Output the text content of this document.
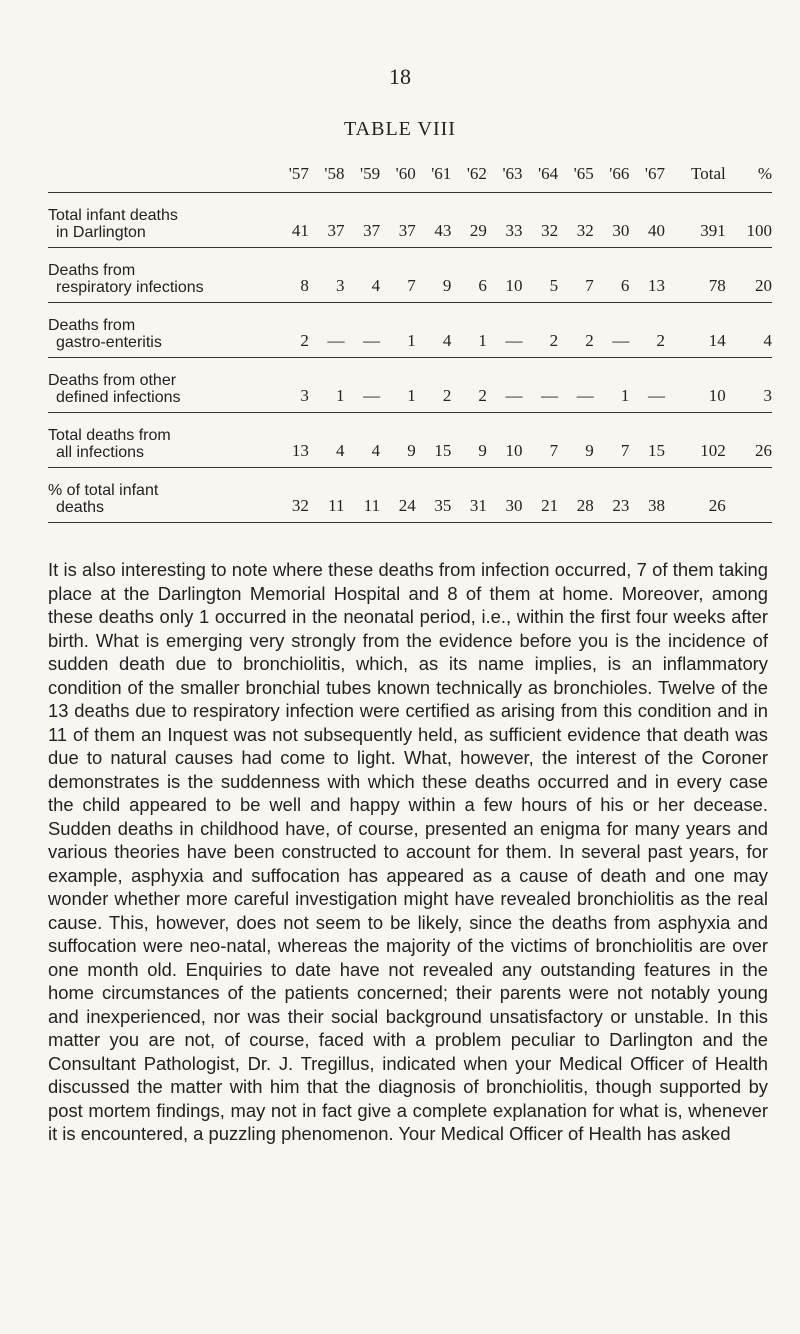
18
TABLE VIII
	'57	'58	'59	'60	'61	'62	'63	'64	'65	'66	'67	Total	%

Total infant deaths
in Darlington	41	37	37	37	43	29	33	32	32	30	40	391	100

Deaths from
respiratory infections	8	3	4	7	9	6	10	5	7	6	13	78	20

Deaths from
gastro-enteritis	2	—	—	1	4	1	—	2	2	—	2	14	4

Deaths from other
defined infections	3	1	—	1	2	2	—	—	—	1	—	10	3

Total deaths from
all infections	13	4	4	9	15	9	10	7	9	7	15	102	26

% of total infant
deaths	32	11	11	24	35	31	30	21	28	23	38	26	

It is also interesting to note where these deaths from infection occurred, 7 of them taking place at the Darlington Memorial Hospital and 8 of them at home. Moreover, among these deaths only 1 occurred in the neonatal period, i.e., within the first four weeks after birth. What is emerging very strongly from the evidence before you is the incidence of sudden death due to bronchiolitis, which, as its name implies, is an inflammatory condition of the smaller bronchial tubes known technically as bronchioles. Twelve of the 13 deaths due to respiratory infection were certified as arising from this condition and in 11 of them an Inquest was not subsequently held, as sufficient evidence that death was due to natural causes had come to light. What, however, the interest of the Coroner demonstrates is the suddenness with which these deaths occurred and in every case the child appeared to be well and happy within a few hours of his or her decease. Sudden deaths in childhood have, of course, presented an enigma for many years and various theories have been constructed to account for them. In several past years, for example, asphyxia and suffocation has appeared as a cause of death and one may wonder whether more careful investigation might have revealed bronchiolitis as the real cause. This, however, does not seem to be likely, since the deaths from asphyxia and suffocation were neo-natal, whereas the majority of the victims of bronchiolitis are over one month old. Enquiries to date have not revealed any outstanding features in the home circumstances of the patients concerned; their parents were not notably young and inexperienced, nor was their social background unsatisfactory or unstable. In this matter you are not, of course, faced with a problem peculiar to Darlington and the Consultant Pathologist, Dr. J. Tregillus, indicated when your Medical Officer of Health discussed the matter with him that the diagnosis of bronchiolitis, though supported by post mortem findings, may not in fact give a complete explanation for what is, whenever it is encountered, a puzzling phenomenon. Your Medical Officer of Health has asked
